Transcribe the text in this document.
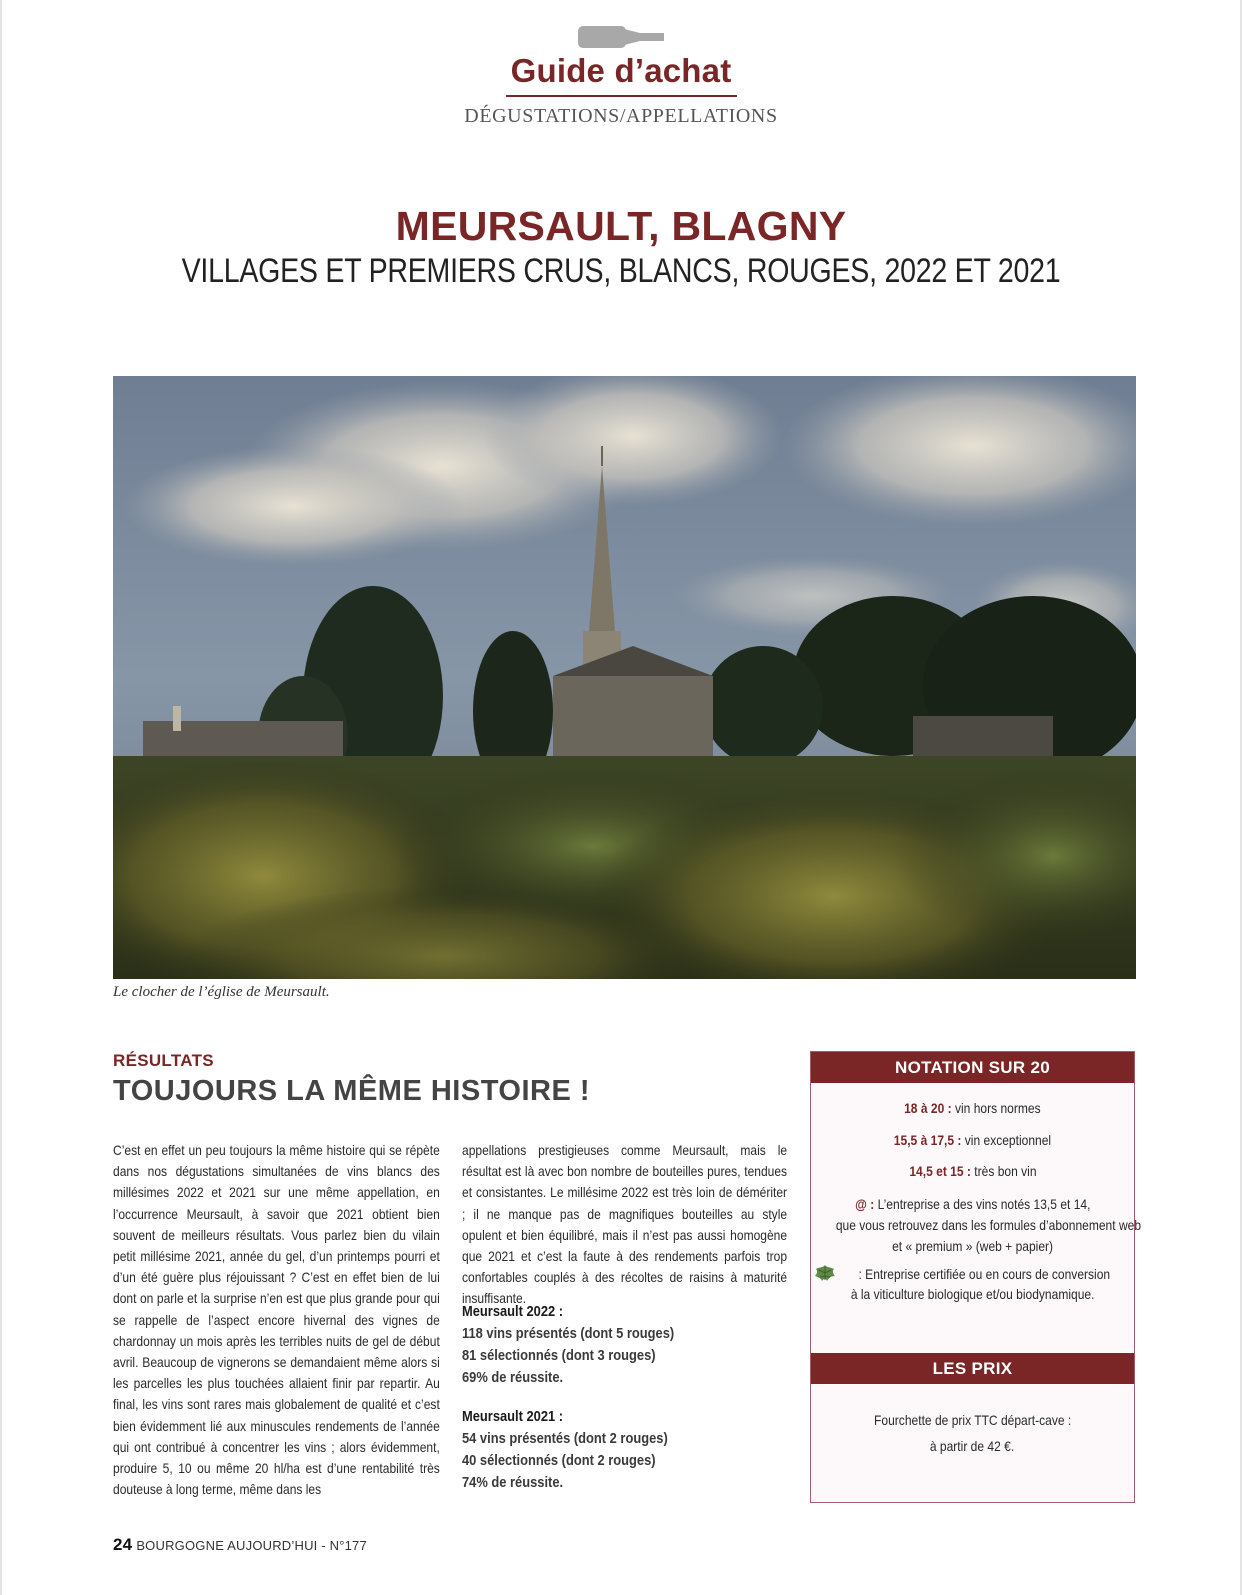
Guide d’achat
DÉGUSTATIONS/APPELLATIONS
MEURSAULT, BLAGNY
VILLAGES ET PREMIERS CRUS, BLANCS, ROUGES, 2022 ET 2021
Le clocher de l’église de Meursault.
RÉSULTATS
TOUJOURS LA MÊME HISTOIRE !

C’est en effet un peu toujours la même histoire qui se répète dans nos dégustations simultanées de vins blancs des millésimes 2022 et 2021 sur une même appellation, en l’occurrence Meursault, à savoir que 2021 obtient bien souvent de meilleurs résultats. Vous parlez bien du vilain petit millésime 2021, année du gel, d’un printemps pourri et d’un été guère plus réjouissant ? C’est en effet bien de lui dont on parle et la surprise n’en est que plus grande pour qui se rappelle de l’aspect encore hivernal des vignes de chardonnay un mois après les terribles nuits de gel de début avril. Beaucoup de vignerons se demandaient même alors si les parcelles les plus touchées allaient finir par repartir. Au final, les vins sont rares mais globalement de qualité et c’est bien évidemment lié aux minuscules rendements de l’année qui ont contribué à concentrer les vins ; alors évidemment, produire 5, 10 ou même 20 hl/ha est d’une rentabilité très douteuse à long terme, même dans les

appellations prestigieuses comme Meursault, mais le résultat est là avec bon nombre de bouteilles pures, tendues et consistantes. Le millésime 2022 est très loin de démériter ; il ne manque pas de magnifiques bouteilles au style opulent et bien équilibré, mais il n’est pas aussi homogène que 2021 et c’est la faute à des rendements parfois trop confortables couplés à des récoltes de raisins à maturité insuffisante.

Meursault 2022 :
118 vins présentés (dont 5 rouges)
81 sélectionnés (dont 3 rouges)
69% de réussite.
Meursault 2021 :
54 vins présentés (dont 2 rouges)
40 sélectionnés (dont 2 rouges)
74% de réussite.
NOTATION SUR 20
18 à 20 : vin hors normes
15,5 à 17,5 : vin exceptionnel
14,5 et 15 : très bon vin
@ : L’entreprise a des vins notés 13,5 et 14,
que vous retrouvez dans les formules d’abonnement web
et « premium » (web + papier)
: Entreprise certifiée ou en cours de conversion
à la viticulture biologique et/ou biodynamique.
LES PRIX
Fourchette de prix TTC départ-cave :
à partir de 42 €.
24 BOURGOGNE AUJOURD’HUI - N°177
